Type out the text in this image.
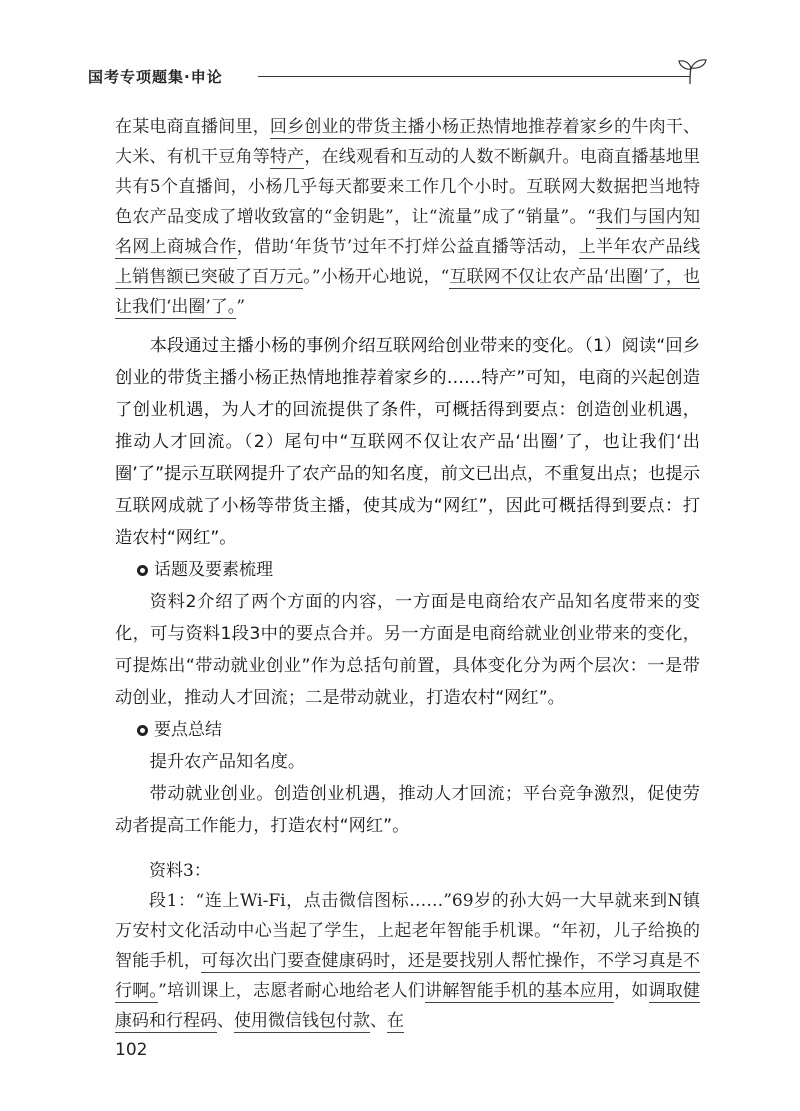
国考专项题集·申论

在某电商直播间里，回乡创业的带货主播小杨正热情地推荐着家乡的牛肉干、大米、有机干豆角等特产，在线观看和互动的人数不断飙升。电商直播基地里共有5个直播间，小杨几乎每天都要来工作几个小时。互联网大数据把当地特色农产品变成了增收致富的“金钥匙”，让“流量”成了“销量”。“我们与国内知名网上商城合作，借助‘年货节’过年不打烊公益直播等活动，上半年农产品线上销售额已突破了百万元。”小杨开心地说，“互联网不仅让农产品‘出圈’了，也让我们‘出圈’了。”

本段通过主播小杨的事例介绍互联网给创业带来的变化。（1）阅读“回乡创业的带货主播小杨正热情地推荐着家乡的……特产”可知，电商的兴起创造了创业机遇，为人才的回流提供了条件，可概括得到要点：创造创业机遇，推动人才回流。（2）尾句中“互联网不仅让农产品‘出圈’了，也让我们‘出圈’了”提示互联网提升了农产品的知名度，前文已出点，不重复出点；也提示互联网成就了小杨等带货主播，使其成为“网红”，因此可概括得到要点：打造农村“网红”。

话题及要素梳理

资料2介绍了两个方面的内容，一方面是电商给农产品知名度带来的变化，可与资料1段3中的要点合并。另一方面是电商给就业创业带来的变化，可提炼出“带动就业创业”作为总括句前置，具体变化分为两个层次：一是带动创业，推动人才回流；二是带动就业，打造农村“网红”。

要点总结

提升农产品知名度。

带动就业创业。创造创业机遇，推动人才回流；平台竞争激烈，促使劳动者提高工作能力，打造农村“网红”。

资料3：

段1：“连上Wi-Fi，点击微信图标……”69岁的孙大妈一大早就来到N镇万安村文化活动中心当起了学生，上起老年智能手机课。“年初，儿子给换的智能手机，可每次出门要查健康码时，还是要找别人帮忙操作，不学习真是不行啊。”培训课上，志愿者耐心地给老人们讲解智能手机的基本应用，如调取健康码和行程码、使用微信钱包付款、在

102
